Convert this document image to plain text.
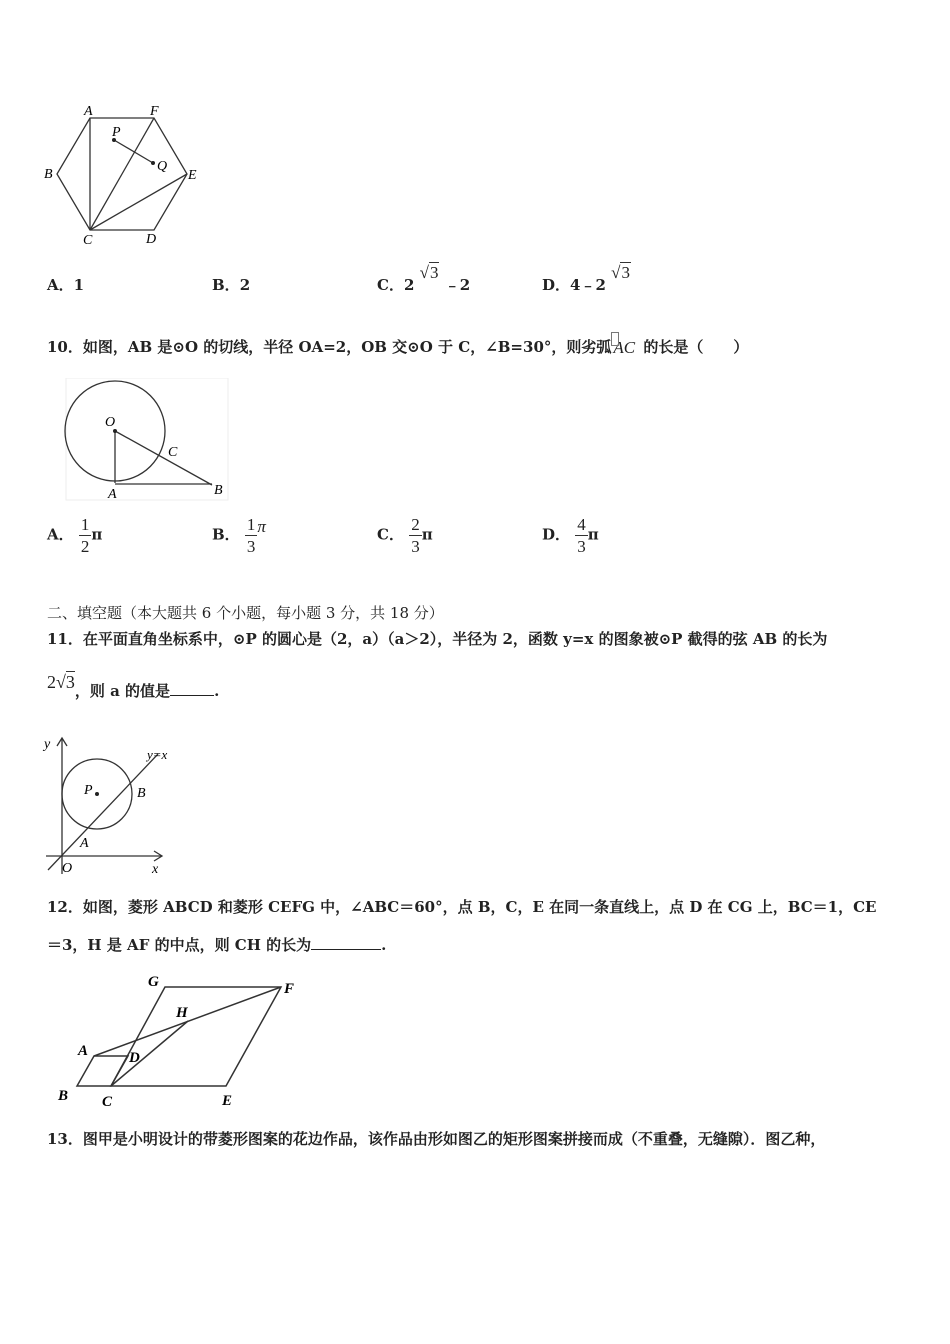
A	F
P
Q
B	E
C	D
A．1	B．2	C．2 √3 ﹣2	D．4﹣2 √3
10．如图，AB 是⊙O 的切线，半径 OA=2，OB 交⊙O 于 C，∠B=30°，则劣弧 AC 的长是（　　）
O
C
A	B
A． $\frac{1}{2}$ π	B． $\frac{1}{3}$ π	C． $\frac{2}{3}$ π	D． $\frac{4}{3}$ π
二、填空题（本大题共 6 个小题，每小题 3 分，共 18 分）
11．在平面直角坐标系中，⊙P 的圆心是（2，a）（a＞2），半径为 2，函数 y=x 的图象被⊙P 截得的弦 AB 的长为
2√3，则 a 的值是	.
y
y=x
P	B
A
O	x
12．如图，菱形 ABCD 和菱形 CEFG 中，∠ABC＝60°，点 B，C，E 在同一条直线上，点 D 在 CG 上，BC＝1，CE
＝3，H 是 AF 的中点，则 CH 的长为	.
G	F
H
A	D
B C	E
13．图甲是小明设计的带菱形图案的花边作品，该作品由形如图乙的矩形图案拼接而成（不重叠，无缝隙）．图乙种，
